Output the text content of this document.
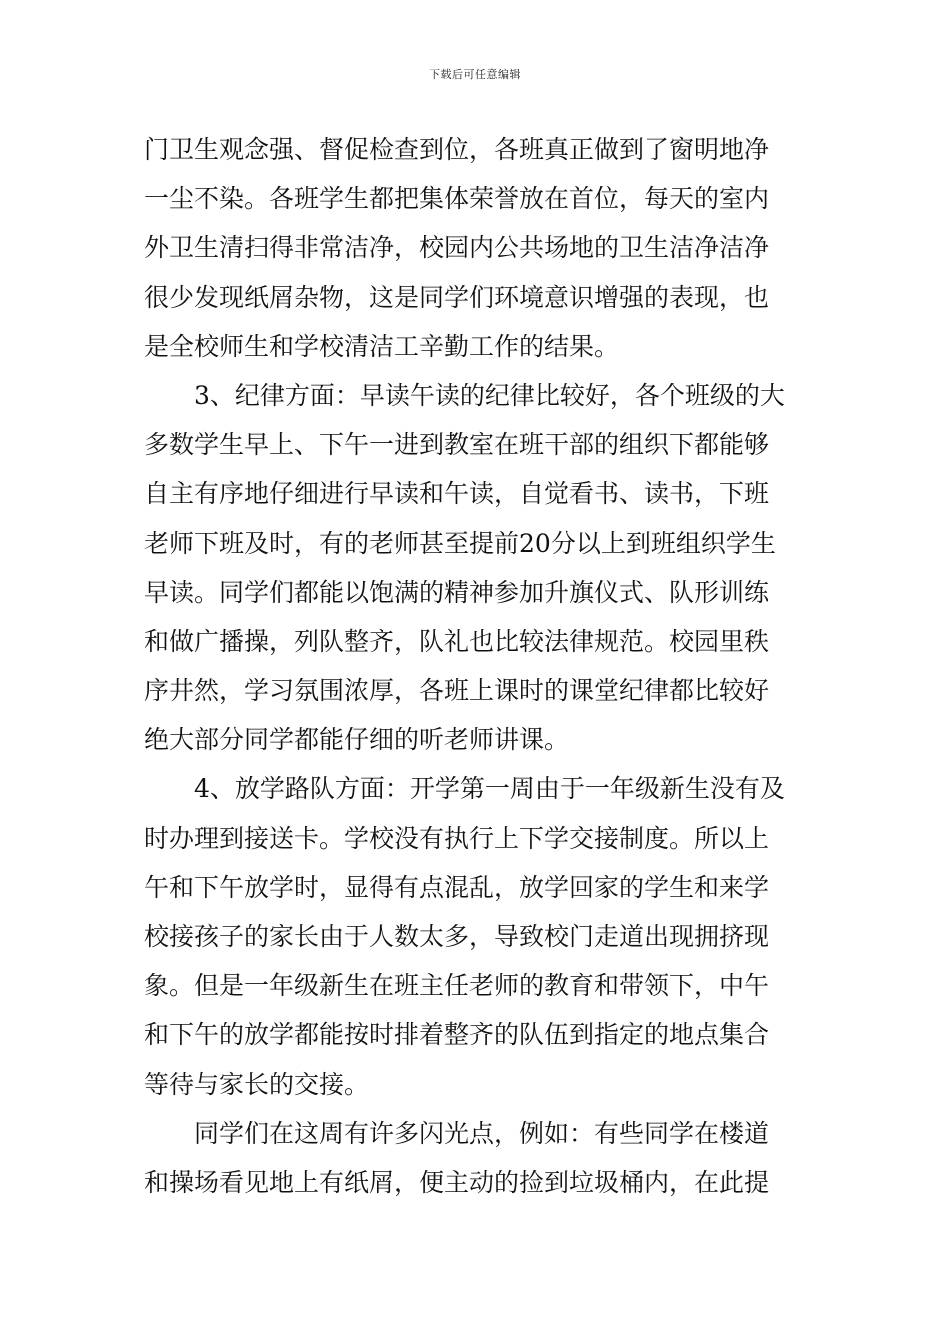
下载后可任意编辑
门卫生观念强、督促检查到位，各班真正做到了窗明地净
一尘不染。各班学生都把集体荣誉放在首位，每天的室内
外卫生清扫得非常洁净，校园内公共场地的卫生洁净洁净
很少发现纸屑杂物，这是同学们环境意识增强的表现，也
是全校师生和学校清洁工辛勤工作的结果。
3、纪律方面：早读午读的纪律比较好，各个班级的大
多数学生早上、下午一进到教室在班干部的组织下都能够
自主有序地仔细进行早读和午读，自觉看书、读书，下班
老师下班及时，有的老师甚至提前20分以上到班组织学生
早读。同学们都能以饱满的精神参加升旗仪式、队形训练
和做广播操，列队整齐，队礼也比较法律规范。校园里秩
序井然，学习氛围浓厚，各班上课时的课堂纪律都比较好
绝大部分同学都能仔细的听老师讲课。
4、放学路队方面：开学第一周由于一年级新生没有及
时办理到接送卡。学校没有执行上下学交接制度。所以上
午和下午放学时，显得有点混乱，放学回家的学生和来学
校接孩子的家长由于人数太多，导致校门走道出现拥挤现
象。但是一年级新生在班主任老师的教育和带领下，中午
和下午的放学都能按时排着整齐的队伍到指定的地点集合
等待与家长的交接。
同学们在这周有许多闪光点，例如：有些同学在楼道
和操场看见地上有纸屑，便主动的捡到垃圾桶内，在此提
